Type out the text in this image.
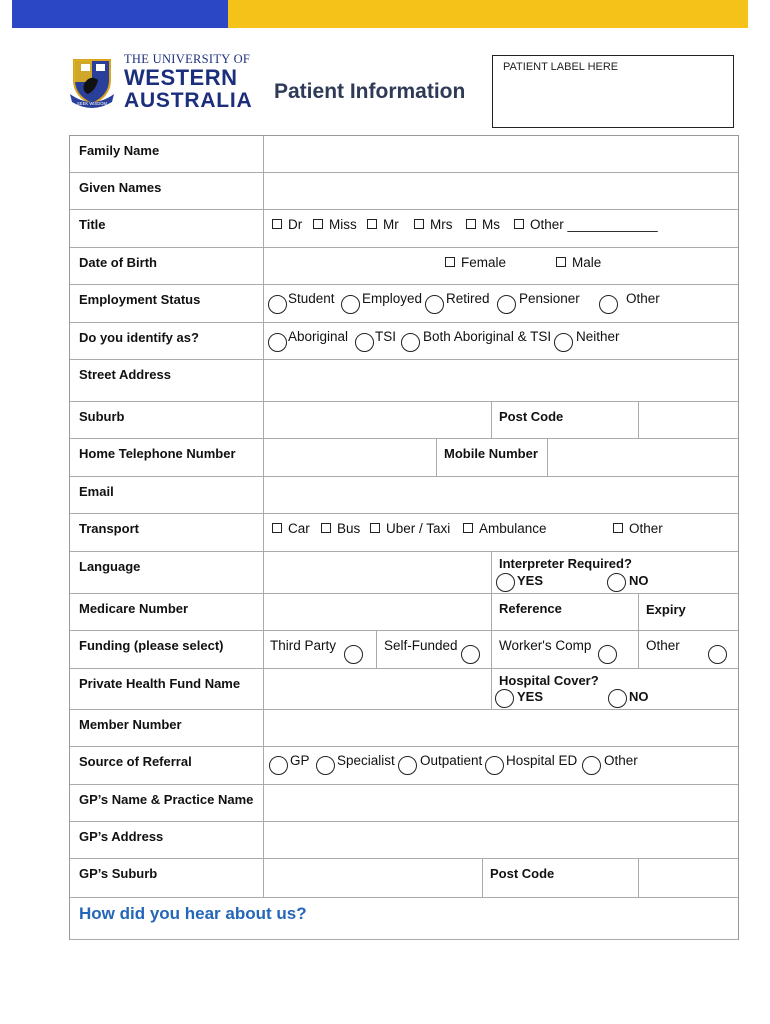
SEEK WISDOM
THE UNIVERSITY OF
WESTERN
AUSTRALIA Patient Information
PATIENT LABEL HERE
Family Name
Given Names
Title	Dr	Miss	Mr	Mrs	Ms	Other ____________
Date of Birth	Female	Male
Employment Status	Student Employed Retired Pensioner	Other
Do you identify as?	Aboriginal TSI Both Aboriginal & TSI Neither
Street Address
Suburb	Post Code
Home Telephone Number	Mobile Number
Email
Transport	Car	Bus	Uber / Taxi	Ambulance	Other
Language	Interpreter Required?
YES	NO
Medicare Number	Reference	Expiry
Funding (please select)	Third Party	Self-Funded	Worker's Comp	Other
Private Health Fund Name	Hospital Cover?
YES	NO
Member Number
Source of Referral	GP Specialist Outpatient Hospital ED Other
GP’s Name & Practice Name
GP’s Address
GP’s Suburb	Post Code
How did you hear about us?
